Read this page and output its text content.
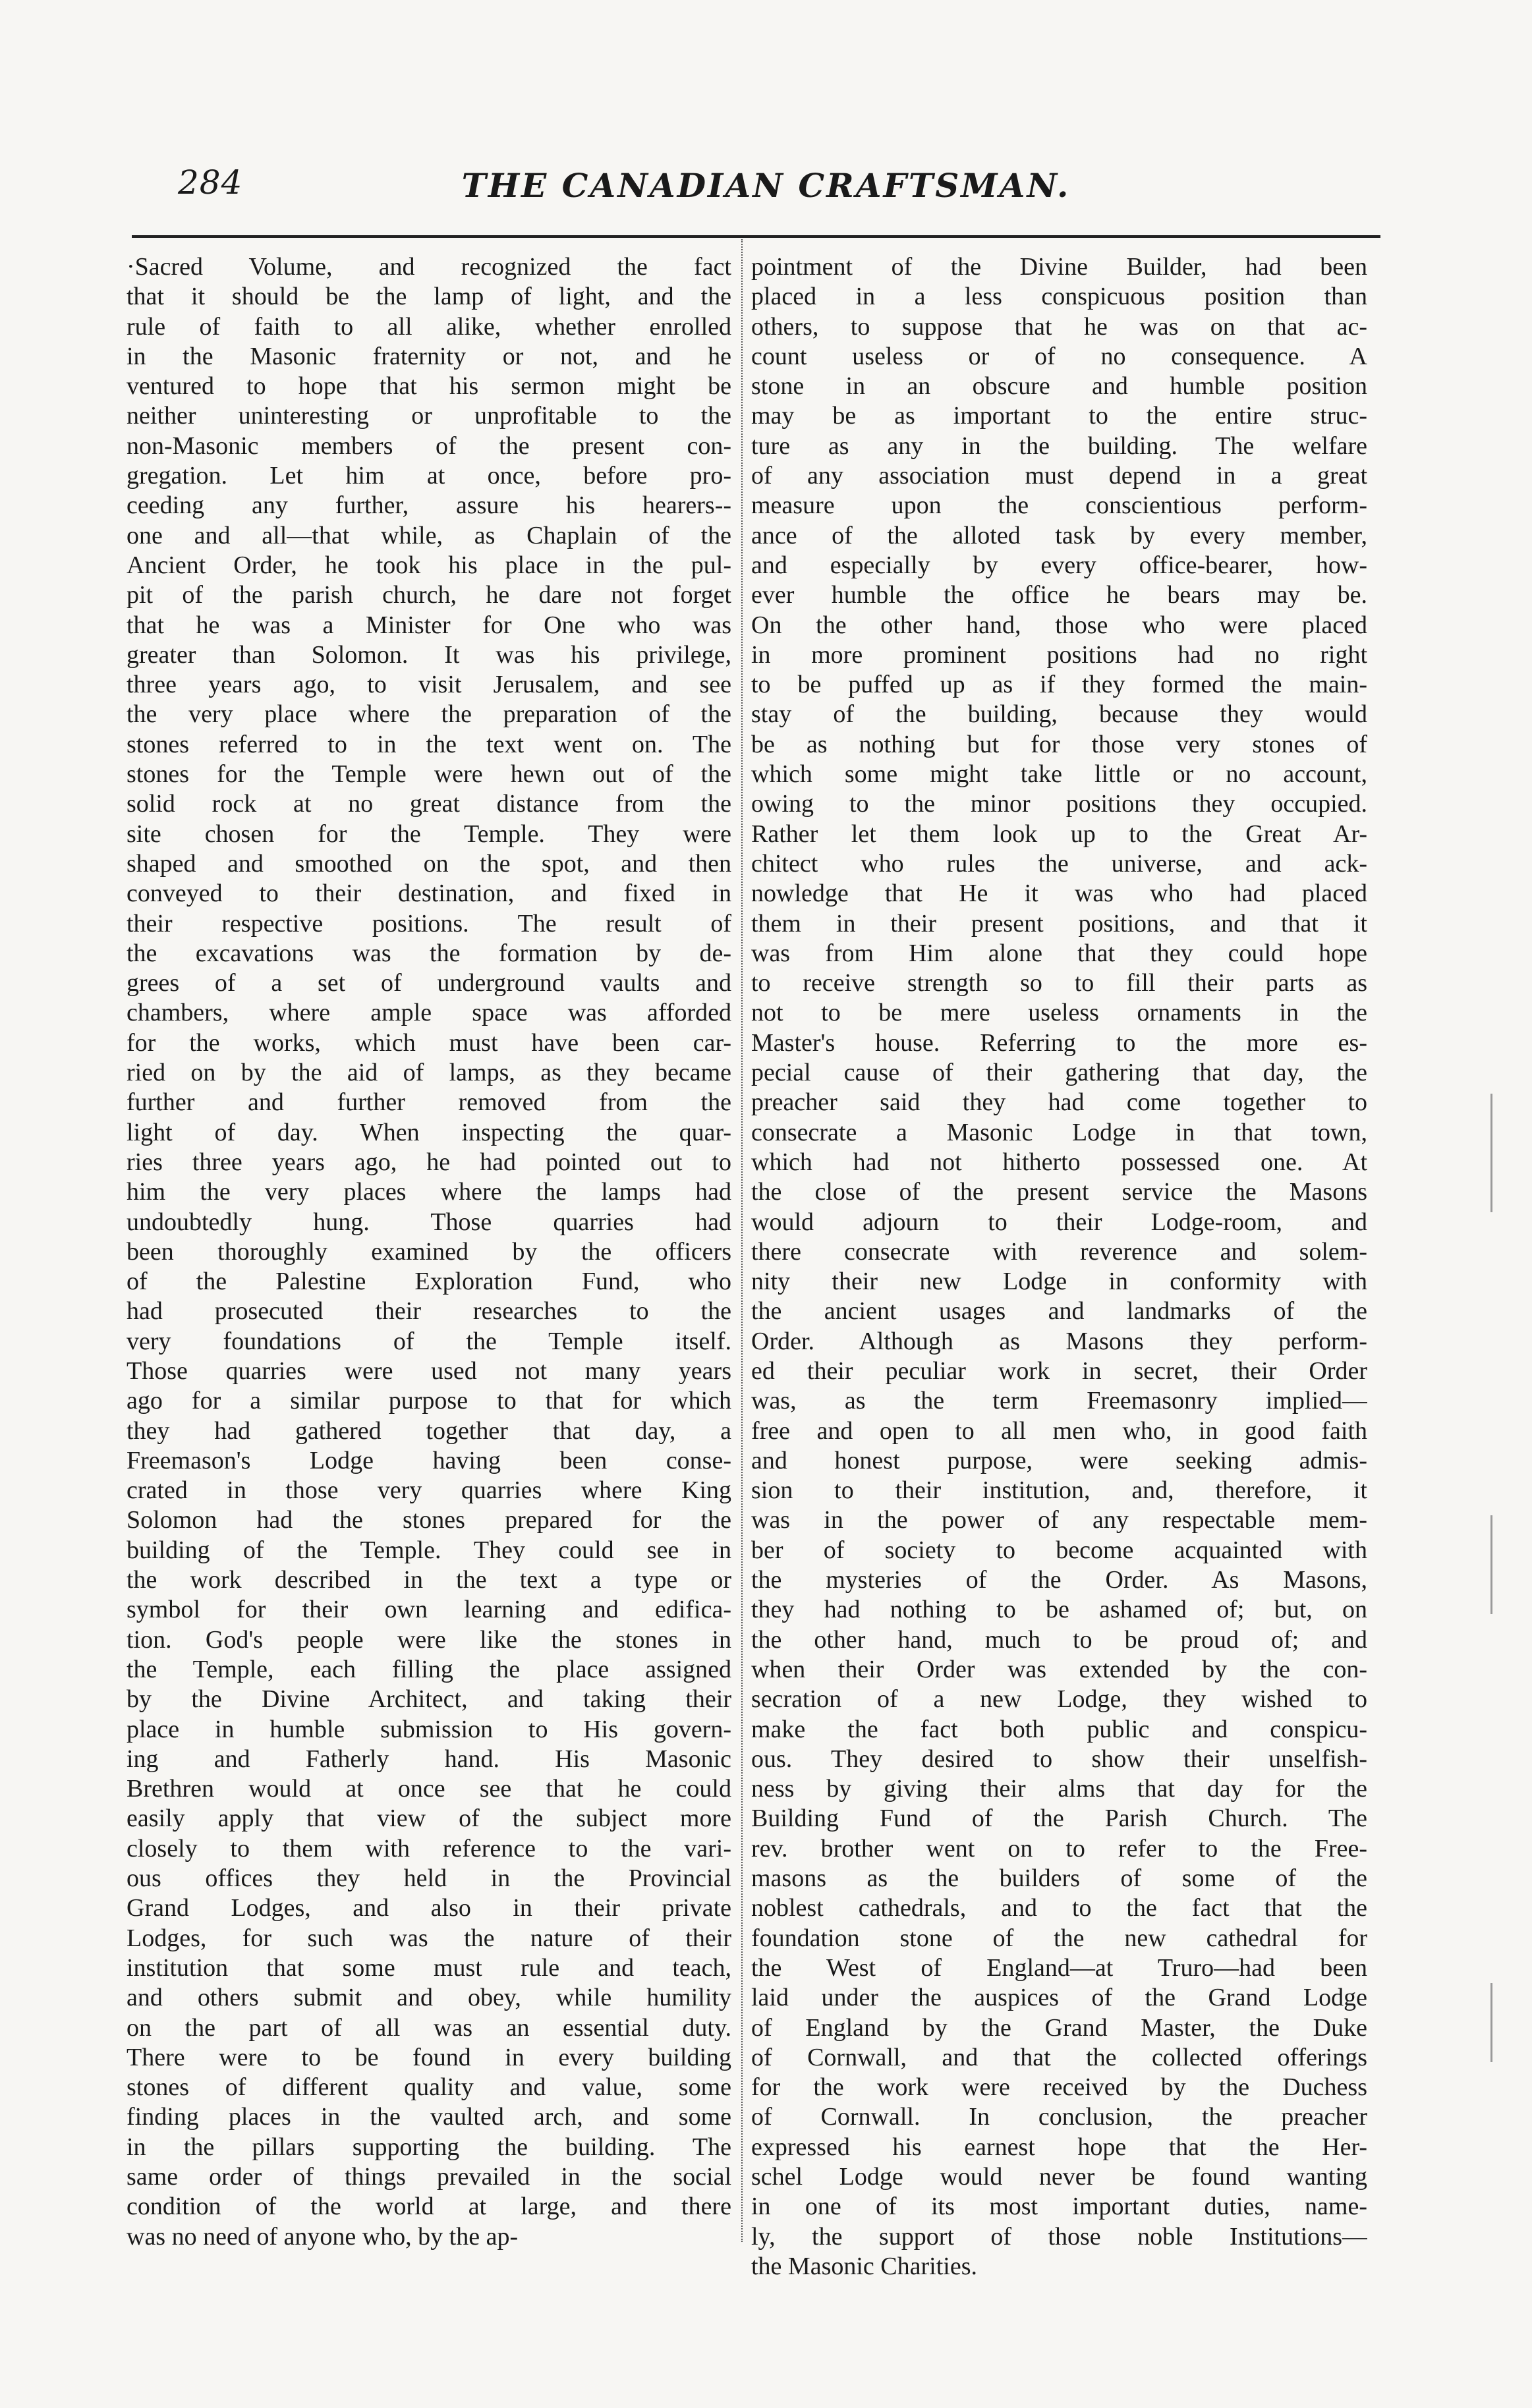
284	THE CANADIAN CRAFTSMAN.
·Sacred Volume, and recognized the fact
that it should be the lamp of light, and the
rule of faith to all alike, whether enrolled
in the Masonic fraternity or not, and he
ventured to hope that his sermon might be
neither uninteresting or unprofitable to the
non-Masonic members of the present con-
gregation. Let him at once, before pro-
ceeding any further, assure his hearers--
one and all—that while, as Chaplain of the
Ancient Order, he took his place in the pul-
pit of the parish church, he dare not forget
that he was a Minister for One who was
greater than Solomon. It was his privilege,
three years ago, to visit Jerusalem, and see
the very place where the preparation of the
stones referred to in the text went on. The
stones for the Temple were hewn out of the
solid rock at no great distance from the
site chosen for the Temple. They were
shaped and smoothed on the spot, and then
conveyed to their destination, and fixed in
their respective positions. The result of
the excavations was the formation by de-
grees of a set of underground vaults and
chambers, where ample space was afforded
for the works, which must have been car-
ried on by the aid of lamps, as they became
further and further removed from the
light of day. When inspecting the quar-
ries three years ago, he had pointed out to
him the very places where the lamps had
undoubtedly hung. Those quarries had
been thoroughly examined by the officers
of the Palestine Exploration Fund, who
had prosecuted their researches to the
very foundations of the Temple itself.
Those quarries were used not many years
ago for a similar purpose to that for which
they had gathered together that day, a
Freemason's Lodge having been conse-
crated in those very quarries where King
Solomon had the stones prepared for the
building of the Temple. They could see in
the work described in the text a type or
symbol for their own learning and edifica-
tion. God's people were like the stones in
the Temple, each filling the place assigned
by the Divine Architect, and taking their
place in humble submission to His govern-
ing and Fatherly hand. His Masonic
Brethren would at once see that he could
easily apply that view of the subject more
closely to them with reference to the vari-
ous offices they held in the Provincial
Grand Lodges, and also in their private
Lodges, for such was the nature of their
institution that some must rule and teach,
and others submit and obey, while humility
on the part of all was an essential duty.
There were to be found in every building
stones of different quality and value, some
finding places in the vaulted arch, and some
in the pillars supporting the building. The
same order of things prevailed in the social
condition of the world at large, and there
was no need of anyone who, by the ap-
pointment of the Divine Builder, had been
placed in a less conspicuous position than
others, to suppose that he was on that ac-
count useless or of no consequence. A
stone in an obscure and humble position
may be as important to the entire struc-
ture as any in the building. The welfare
of any association must depend in a great
measure upon the conscientious perform-
ance of the alloted task by every member,
and especially by every office-bearer, how-
ever humble the office he bears may be.
On the other hand, those who were placed
in more prominent positions had no right
to be puffed up as if they formed the main-
stay of the building, because they would
be as nothing but for those very stones of
which some might take little or no account,
owing to the minor positions they occupied.
Rather let them look up to the Great Ar-
chitect who rules the universe, and ack-
nowledge that He it was who had placed
them in their present positions, and that it
was from Him alone that they could hope
to receive strength so to fill their parts as
not to be mere useless ornaments in the
Master's house. Referring to the more es-
pecial cause of their gathering that day, the
preacher said they had come together to
consecrate a Masonic Lodge in that town,
which had not hitherto possessed one. At
the close of the present service the Masons
would adjourn to their Lodge-room, and
there consecrate with reverence and solem-
nity their new Lodge in conformity with
the ancient usages and landmarks of the
Order. Although as Masons they perform-
ed their peculiar work in secret, their Order
was, as the term Freemasonry implied—
free and open to all men who, in good faith
and honest purpose, were seeking admis-
sion to their institution, and, therefore, it
was in the power of any respectable mem-
ber of society to become acquainted with
the mysteries of the Order. As Masons,
they had nothing to be ashamed of; but, on
the other hand, much to be proud of; and
when their Order was extended by the con-
secration of a new Lodge, they wished to
make the fact both public and conspicu-
ous. They desired to show their unselfish-
ness by giving their alms that day for the
Building Fund of the Parish Church. The
rev. brother went on to refer to the Free-
masons as the builders of some of the
noblest cathedrals, and to the fact that the
foundation stone of the new cathedral for
the West of England—at Truro—had been
laid under the auspices of the Grand Lodge
of England by the Grand Master, the Duke
of Cornwall, and that the collected offerings
for the work were received by the Duchess
of Cornwall. In conclusion, the preacher
expressed his earnest hope that the Her-
schel Lodge would never be found wanting
in one of its most important duties, name-
ly, the support of those noble Institutions—
the Masonic Charities.
